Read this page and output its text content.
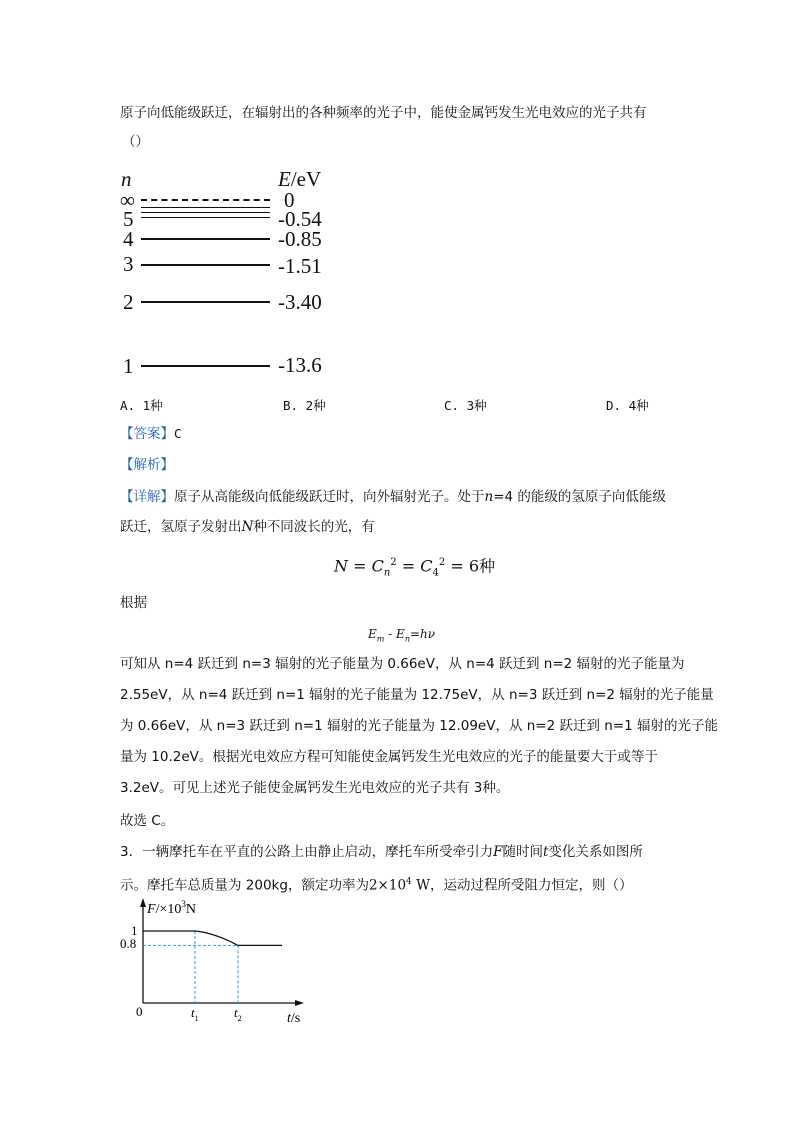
原子向低能级跃迁，在辐射出的各种频率的光子中，能使金属钙发生光电效应的光子共有
（）
n	E/eV
∞	0
5	-0.54
4	-0.85
3	-1.51
2	-3.40
1	-13.6
A. 1种	B. 2种	C. 3种	D. 4种
【答案】C
【解析】
【详解】原子从高能级向低能级跃迁时，向外辐射光子。处于n=4 的能级的氢原子向低能级
跃迁，氢原子发射出N种不同波长的光，有
$N = C_n^2 = C_4^2 = 6$种
根据
$E_m - E_n=h\nu$
可知从 n=4 跃迁到 n=3 辐射的光子能量为 0.66eV，从 n=4 跃迁到 n=2 辐射的光子能量为
2.55eV，从 n=4 跃迁到 n=1 辐射的光子能量为 12.75eV，从 n=3 跃迁到 n=2 辐射的光子能量
为 0.66eV，从 n=3 跃迁到 n=1 辐射的光子能量为 12.09eV，从 n=2 跃迁到 n=1 辐射的光子能
量为 10.2eV。根据光电效应方程可知能使金属钙发生光电效应的光子的能量要大于或等于
3.2eV。可见上述光子能使金属钙发生光电效应的光子共有 3种。
故选 C。
3．一辆摩托车在平直的公路上由静止启动，摩托车所受牵引力F随时间t变化关系如图所
示。摩托车总质量为 200kg，额定功率为$2\times 10^4$ W，运动过程所受阻力恒定，则（）
$F/\times 10^3N$
t/s
0
1
0.8
$t_1$	$t_2$
